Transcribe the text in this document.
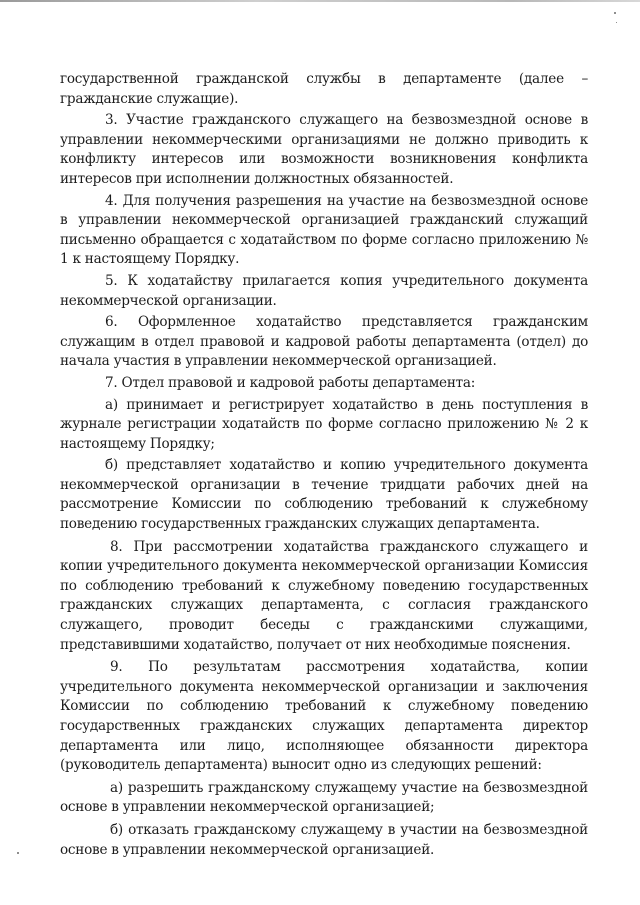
государственной гражданской службы в департаменте (далее – гражданские служащие).

3. Участие гражданского служащего на безвозмездной основе в управлении некоммерческими организациями не должно приводить к конфликту интересов или возможности возникновения конфликта интересов при исполнении должностных обязанностей.

4. Для получения разрешения на участие на безвозмездной основе в управлении некоммерческой организацией гражданский служащий письменно обращается с ходатайством по форме согласно приложению № 1 к настоящему Порядку.

5. К ходатайству прилагается копия учредительного документа некоммерческой организации.

6. Оформленное ходатайство представляется гражданским служащим в отдел правовой и кадровой работы департамента (отдел) до начала участия в управлении некоммерческой организацией.

7. Отдел правовой и кадровой работы департамента:

а) принимает и регистрирует ходатайство в день поступления в журнале регистрации ходатайств по форме согласно приложению № 2 к настоящему Порядку;

б) представляет ходатайство и копию учредительного документа некоммерческой организации в течение тридцати рабочих дней на рассмотрение Комиссии по соблюдению требований к служебному поведению государственных гражданских служащих департамента.

8. При рассмотрении ходатайства гражданского служащего и копии учредительного документа некоммерческой организации Комиссия по соблюдению требований к служебному поведению государственных гражданских служащих департамента, с согласия гражданского служащего, проводит беседы с гражданскими служащими, представившими ходатайство, получает от них необходимые пояснения.

9. По результатам рассмотрения ходатайства, копии учредительного документа некоммерческой организации и заключения Комиссии по соблюдению требований к служебному поведению государственных гражданских служащих департамента директор департамента или лицо, исполняющее обязанности директора (руководитель департамента) выносит одно из следующих решений:

а) разрешить гражданскому служащему участие на безвозмездной основе в управлении некоммерческой организацией;

б) отказать гражданскому служащему в участии на безвозмездной основе в управлении некоммерческой организацией.
